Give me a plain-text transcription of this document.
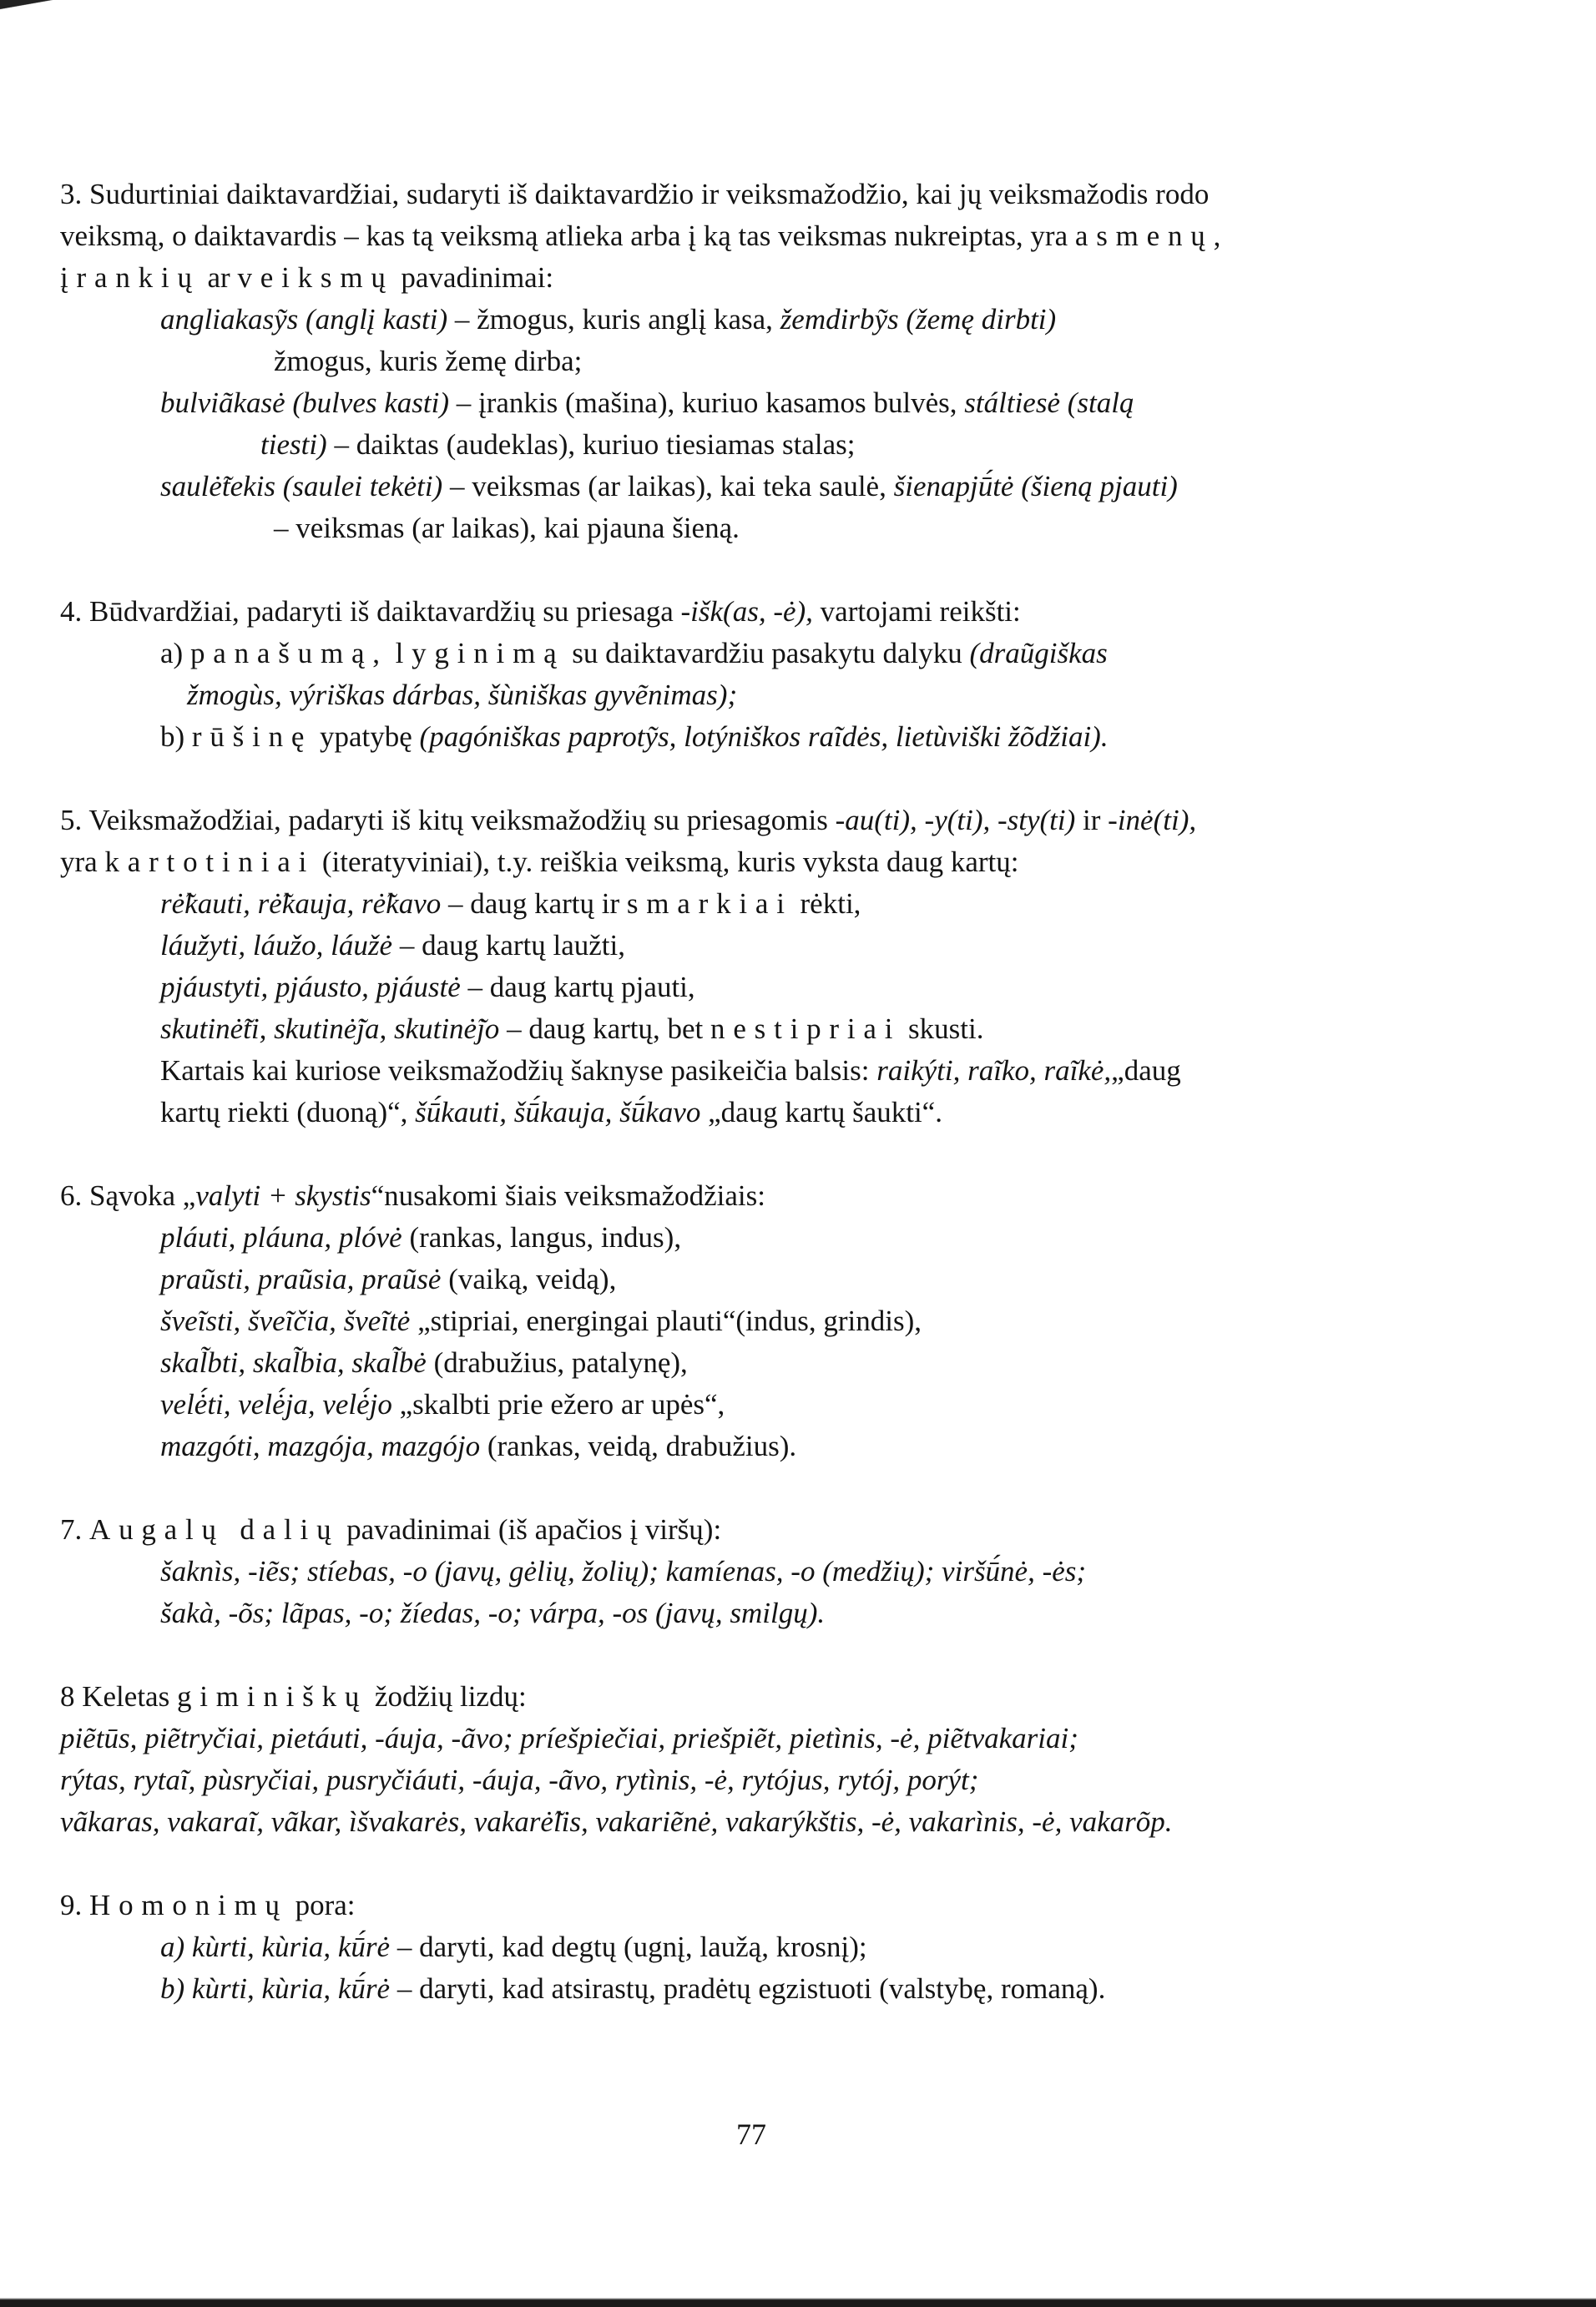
3. Sudurtiniai daiktavardžiai, sudaryti iš daiktavardžio ir veiksmažodžio, kai jų veiksmažodis rodo
veiksmą, o daiktavardis – kas tą veiksmą atlieka arba į ką tas veiksmas nukreiptas, yra asmenų,
įrankių ar veiksmų pavadinimai:
angliakasỹs (anglį kasti) – žmogus, kuris anglį kasa, žemdirbỹs (žemę dirbti)
žmogus, kuris žemę dirba;
bulviãkasė (bulves kasti) – įrankis (mašina), kuriuo kasamos bulvės, stáltiesė (stalą
tiesti) – daiktas (audeklas), kuriuo tiesiamas stalas;
saulė̃tekis (saulei tekėti) – veiksmas (ar laikas), kai teka saulė, šienapjū́tė (šieną pjauti)
– veiksmas (ar laikas), kai pjauna šieną.
4. Būdvardžiai, padaryti iš daiktavardžių su priesaga -išk(as, -ė), vartojami reikšti:
a) panašumą, lyginimą su daiktavardžiu pasakytu dalyku (draũgiškas
žmogùs, výriškas dárbas, šùniškas gyvẽnimas);
b) rūšinę ypatybę (pagóniškas paprotỹs, lotýniškos raĩdės, lietùviški žõdžiai).
5. Veiksmažodžiai, padaryti iš kitų veiksmažodžių su priesagomis -au(ti), -y(ti), -sty(ti) ir -inė(ti),
yra kartotiniai (iteratyviniai), t.y. reiškia veiksmą, kuris vyksta daug kartų:
rė̃kauti, rė̃kauja, rė̃kavo – daug kartų ir smarkiai rėkti,
láužyti, láužo, láužė – daug kartų laužti,
pjáustyti, pjáusto, pjáustė – daug kartų pjauti,
skutinė̃ti, skutinė̃ja, skutinė̃jo – daug kartų, bet nestipriai skusti.
Kartais kai kuriose veiksmažodžių šaknyse pasikeičia balsis: raikýti, raĩko, raĩkė,„daug
kartų riekti (duoną)“, šū́kauti, šū́kauja, šū́kavo „daug kartų šaukti“.
6. Sąvoka „valyti + skystis“nusakomi šiais veiksmažodžiais:
pláuti, pláuna, plóvė (rankas, langus, indus),
praũsti, praũsia, praũsė (vaiką, veidą),
šveĩsti, šveĩčia, šveĩtė „stipriai, energingai plauti“(indus, grindis),
skal̃bti, skal̃bia, skal̃bė (drabužius, patalynę),
velė́ti, velė́ja, velė́jo „skalbti prie ežero ar upės“,
mazgóti, mazgója, mazgójo (rankas, veidą, drabužius).
7. Augalų dalių pavadinimai (iš apačios į viršų):
šaknìs, -iẽs; stíebas, -o (javų, gėlių, žolių); kamíenas, -o (medžių); viršū́nė, -ės;
šakà, -õs; lãpas, -o; žíedas, -o; várpa, -os (javų, smilgų).
8 Keletas giminiškų žodžių lizdų:
piẽtūs, piẽtryčiai, pietáuti, -áuja, -ãvo; príešpiečiai, priešpiẽt, pietìnis, -ė, piẽtvakariai;
rýtas, rytaĩ, pùsryčiai, pusryčiáuti, -áuja, -ãvo, rytìnis, -ė, rytójus, rytój, porýt;
vãkaras, vakaraĩ, vãkar, ìšvakarės, vakarė̃lis, vakariẽnė, vakarýkštis, -ė, vakarìnis, -ė, vakarõp.
9. Homonimų pora:
a) kùrti, kùria, kū́rė – daryti, kad degtų (ugnį, laužą, krosnį);
b) kùrti, kùria, kū́rė – daryti, kad atsirastų, pradėtų egzistuoti (valstybę, romaną).
77
